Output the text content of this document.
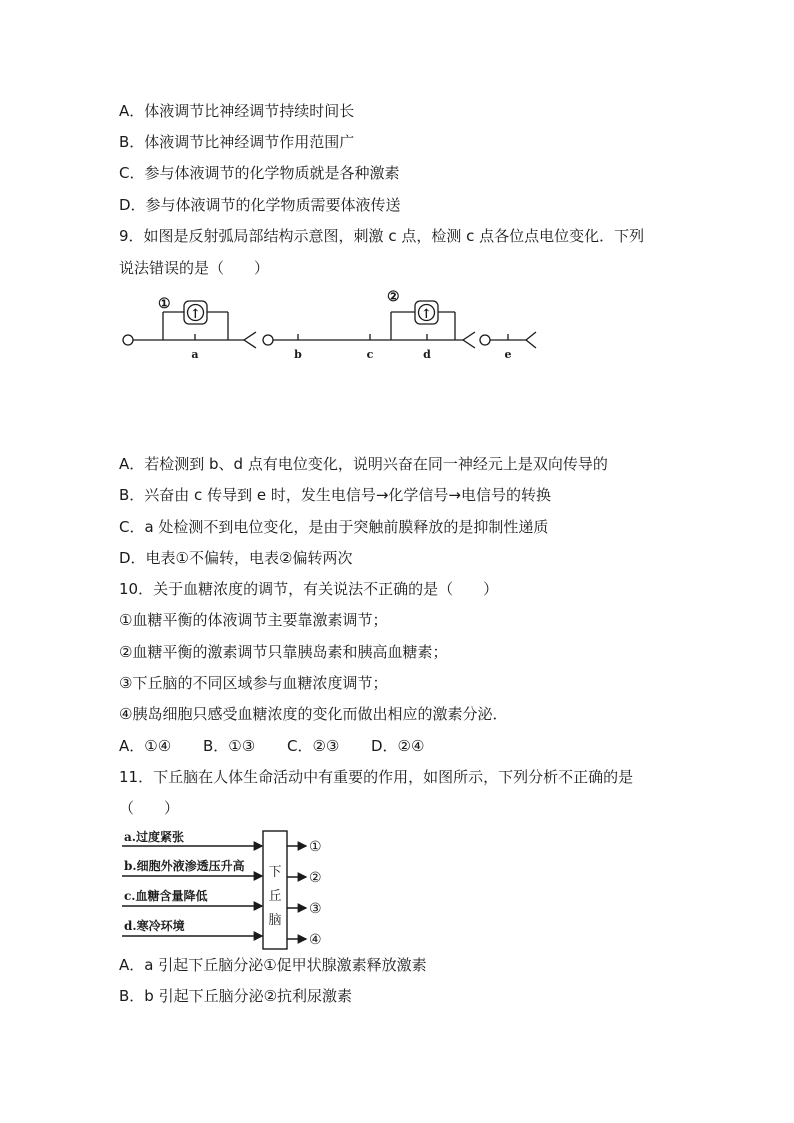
A．体液调节比神经调节持续时间长
B．体液调节比神经调节作用范围广
C．参与体液调节的化学物质就是各种激素
D．参与体液调节的化学物质需要体液传送
9．如图是反射弧局部结构示意图，刺激 c 点，检测 c 点各位点电位变化．下列
说法错误的是（　　）
①
↑
②
↑
a	b	c	d	e
A．若检测到 b、d 点有电位变化，说明兴奋在同一神经元上是双向传导的
B．兴奋由 c 传导到 e 时，发生电信号→化学信号→电信号的转换
C．a 处检测不到电位变化，是由于突触前膜释放的是抑制性递质
D．电表①不偏转，电表②偏转两次
10．关于血糖浓度的调节，有关说法不正确的是（　　）
①血糖平衡的体液调节主要靠激素调节；
②血糖平衡的激素调节只靠胰岛素和胰高血糖素；
③下丘脑的不同区域参与血糖浓度调节；
④胰岛细胞只感受血糖浓度的变化而做出相应的激素分泌．
A．①④ B．①③ C．②③ D．②④
11．下丘脑在人体生命活动中有重要的作用，如图所示，下列分析不正确的是
（　　）
a.过度紧张
b.细胞外液渗透压升高
c.血糖含量降低
d.寒冷环境
下
丘
脑
①
②
③
④
A．a 引起下丘脑分泌①促甲状腺激素释放激素
B．b 引起下丘脑分泌②抗利尿激素
